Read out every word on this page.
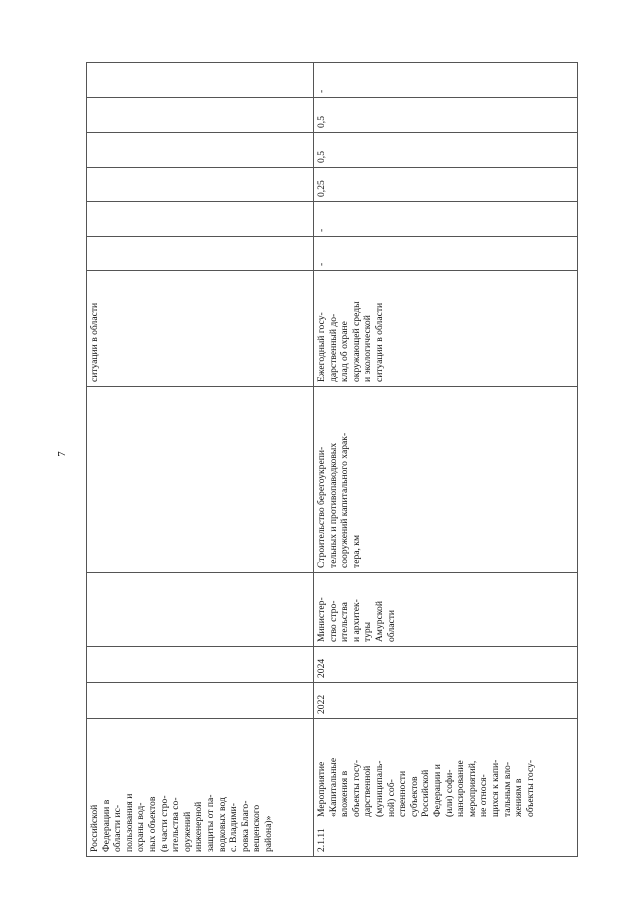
7
Российской
Федерации в
области ис-
пользования и
охраны вод-
ных объектов
(в части стро-
ительства со-
оружений
инженерной
защиты от па-
водковых вод
с. Владими-
ровка Благо-
вещенского
района)»
ситуации в области
2.1.11
Мероприятие
«Капитальные
вложения в
объекты госу-
дарственной
(муниципаль-
ной) соб-
ственности
субъектов
Российской
Федерации и
(или) софи-
нансирование
мероприятий,
не относя-
щихся к капи-
тальным вло-
жениям в
объекты госу-
2022
2024
Министер-
ство стро-
ительства
и архитек-
туры
Амурской
области
Строительство берегоукрепи-
тельных и противопаводковых
сооружений капитального харак-
тера, км
Ежегодный госу-
дарственный до-
клад об охране
окружающей среды
и экологической
ситуации в области
-
-
0,25
0,5
0,5
-
